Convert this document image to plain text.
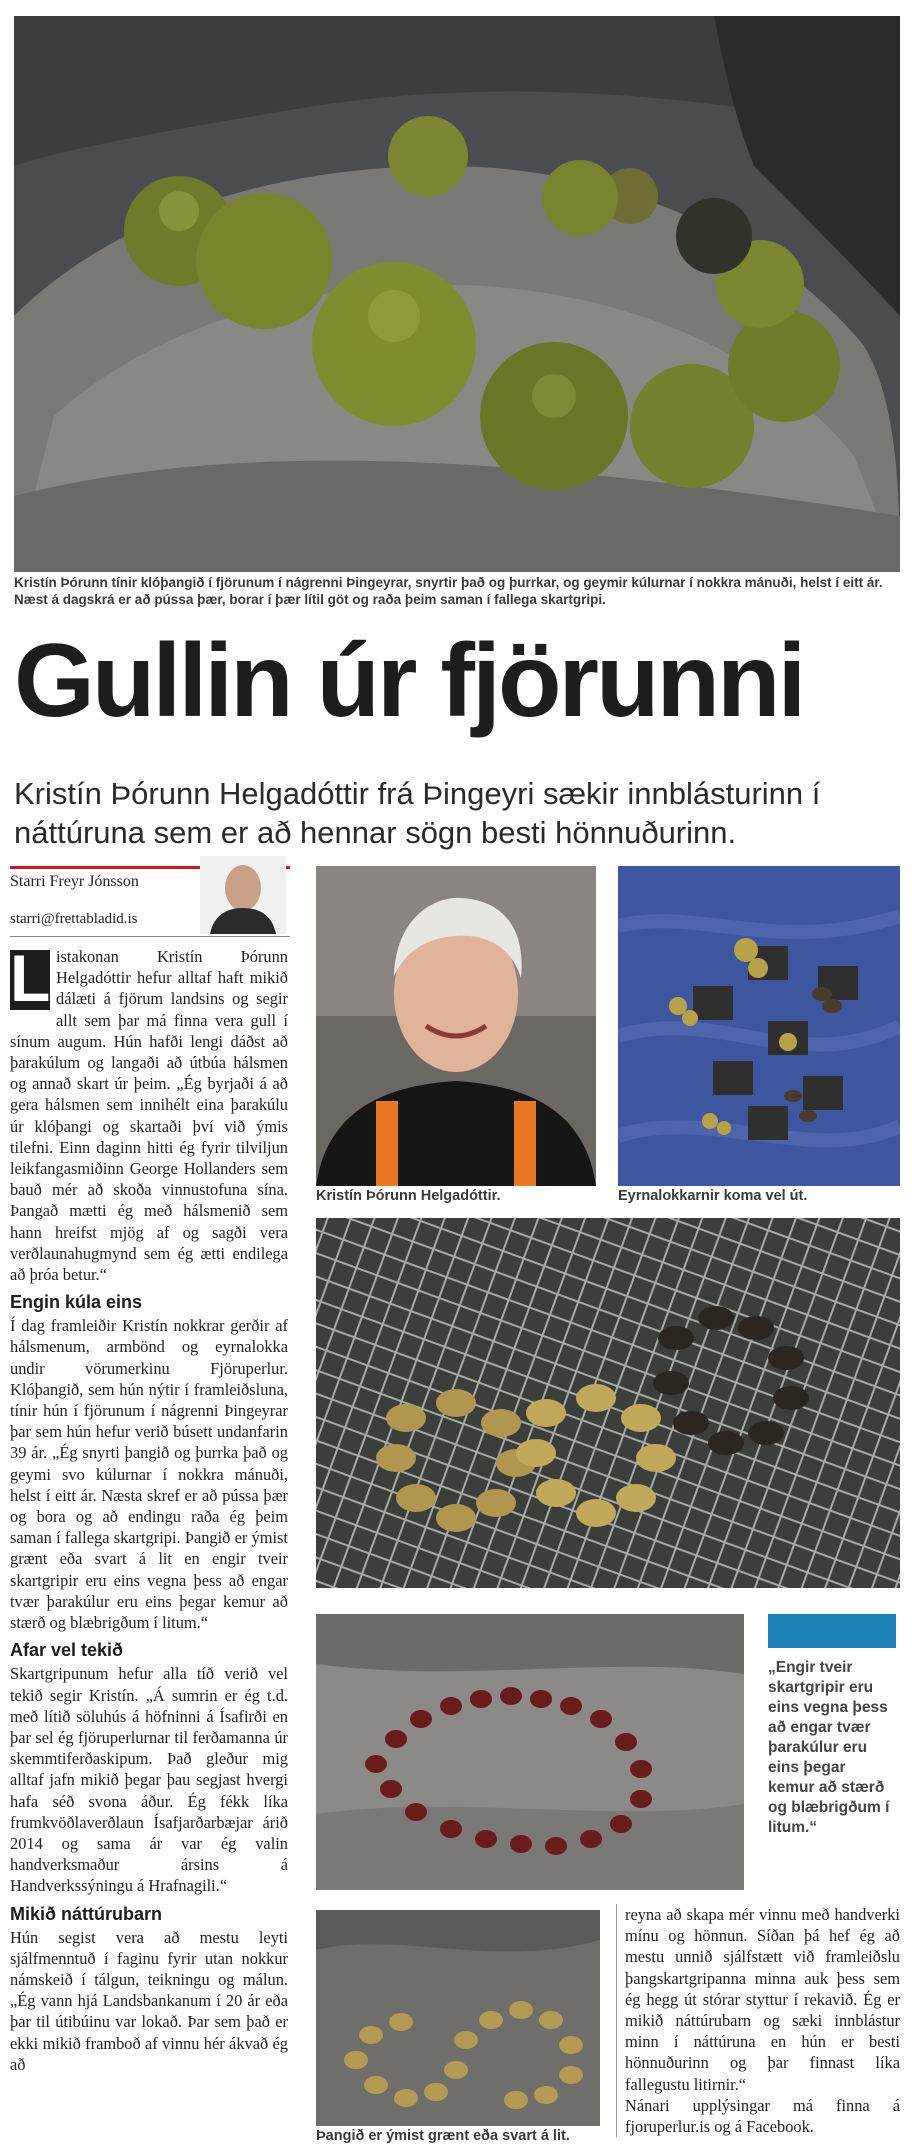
Kristín Þórunn tínir klóþangið í fjörunum í nágrenni Þingeyrar, snyrtir það og þurrkar, og geymir kúlurnar í nokkra mánuði, helst í eitt ár. Næst á dagskrá er að pússa þær, borar í þær lítil göt og raða þeim saman í fallega skartgripi.
Gullin úr fjörunni
Kristín Þórunn Helgadóttir frá Þingeyri sækir innblásturinn í náttúruna sem er að hennar sögn besti hönnuðurinn.
Starri Freyr Jónsson
starri@frettabladid.is

L istakonan Kristín Þórunn Helgadóttir hefur alltaf haft mikið dálæti á fjörum landsins og segir allt sem þar má finna vera gull í sínum augum. Hún hafði lengi dáðst að þarakúlum og langaði að útbúa hálsmen og annað skart úr þeim. „Ég byrjaði á að gera hálsmen sem innihélt eina þarakúlu úr klóþangi og skartaði því við ýmis tilefni. Einn daginn hitti ég fyrir tilviljun leikfangasmiðinn George Hollanders sem bauð mér að skoða vinnustofuna sína. Þangað mætti ég með hálsmenið sem hann hreifst mjög af og sagði vera verðlaunahugmynd sem ég ætti endilega að þróa betur.“

Engin kúla eins

Í dag framleiðir Kristín nokkrar gerðir af hálsmenum, armbönd og eyrnalokka undir vörumerkinu Fjöruperlur. Klóþangið, sem hún nýtir í framleiðsluna, tínir hún í fjörunum í nágrenni Þingeyrar þar sem hún hefur verið búsett undanfarin 39 ár. „Ég snyrti þangið og þurrka það og geymi svo kúlurnar í nokkra mánuði, helst í eitt ár. Næsta skref er að pússa þær og bora og að endingu raða ég þeim saman í fallega skartgripi. Þangið er ýmist grænt eða svart á lit en engir tveir skartgripir eru eins vegna þess að engar tvær þarakúlur eru eins þegar kemur að stærð og blæbrigðum í litum.“

Afar vel tekið

Skartgripunum hefur alla tíð verið vel tekið segir Kristín. „Á sumrin er ég t.d. með lítið söluhús á höfninni á Ísafirði en þar sel ég fjöruperlurnar til ferðamanna úr skemmtiferðaskipum. Það gleður mig alltaf jafn mikið þegar þau segjast hvergi hafa séð svona áður. Ég fékk líka frumkvöðlaverðlaun Ísafjarðarbæjar árið 2014 og sama ár var ég valin handverksmaður ársins á Handverkssýningu á Hrafnagili.“

Mikið náttúrubarn

Hún segist vera að mestu leyti sjálfmenntuð í faginu fyrir utan nokkur námskeið í tálgun, teikningu og málun. „Ég vann hjá Landsbankanum í 20 ár eða þar til útibúinu var lokað. Þar sem það er ekki mikið framboð af vinnu hér ákvað ég að

Kristín Þórunn Helgadóttir.	Eyrnalokkarnir koma vel út.
„Engir tveir skartgripir eru eins vegna þess að engar tvær þarakúlur eru eins þegar kemur að stærð og blæbrigðum í litum.“
Þangið er ýmist grænt eða svart á lit.

reyna að skapa mér vinnu með handverki mínu og hönnun. Síðan þá hef ég að mestu unnið sjálfstætt við framleiðslu þangskartgripanna minna auk þess sem ég hegg út stórar styttur í rekavið. Ég er mikið náttúrubarn og sæki innblástur minn í náttúruna en hún er besti hönnuðurinn og þar finnast líka fallegustu litirnir.“

Nánari upplýsingar má finna á fjoruperlur.is og á Facebook.
